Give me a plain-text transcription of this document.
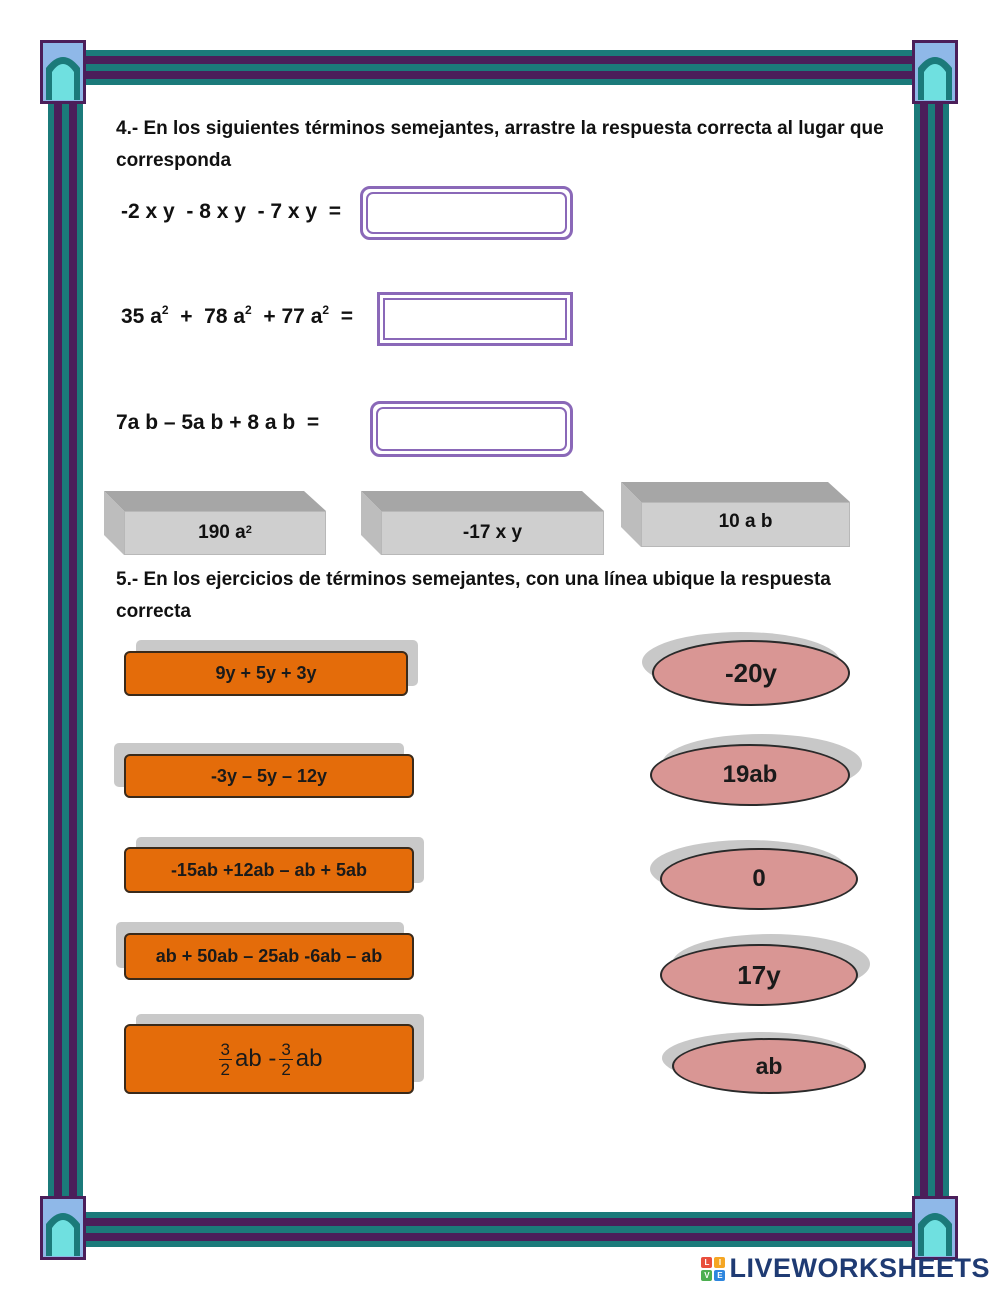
4.- En los siguientes términos semejantes, arrastre la respuesta correcta al lugar que corresponda
-2 x y  - 8 x y  - 7 x y  =
35 $a^2 + 78$ $a^2 + 77$ $a^2$  =
7a b – 5a b + 8 a b  =
190 $a^2$	-17 x y
10 a b
5.- En los ejercicios de términos semejantes, con una línea ubique la respuesta correcta
9y + 5y + 3y
-3y – 5y – 12y
-15ab +12ab – ab + 5ab
ab + 50ab – 25ab -6ab – ab
$\frac{3}{2}$ ab - $\frac{3}{2}$ ab
-20y
19ab
0
17y
ab
L	I
V E LIVEWORKSHEETS
